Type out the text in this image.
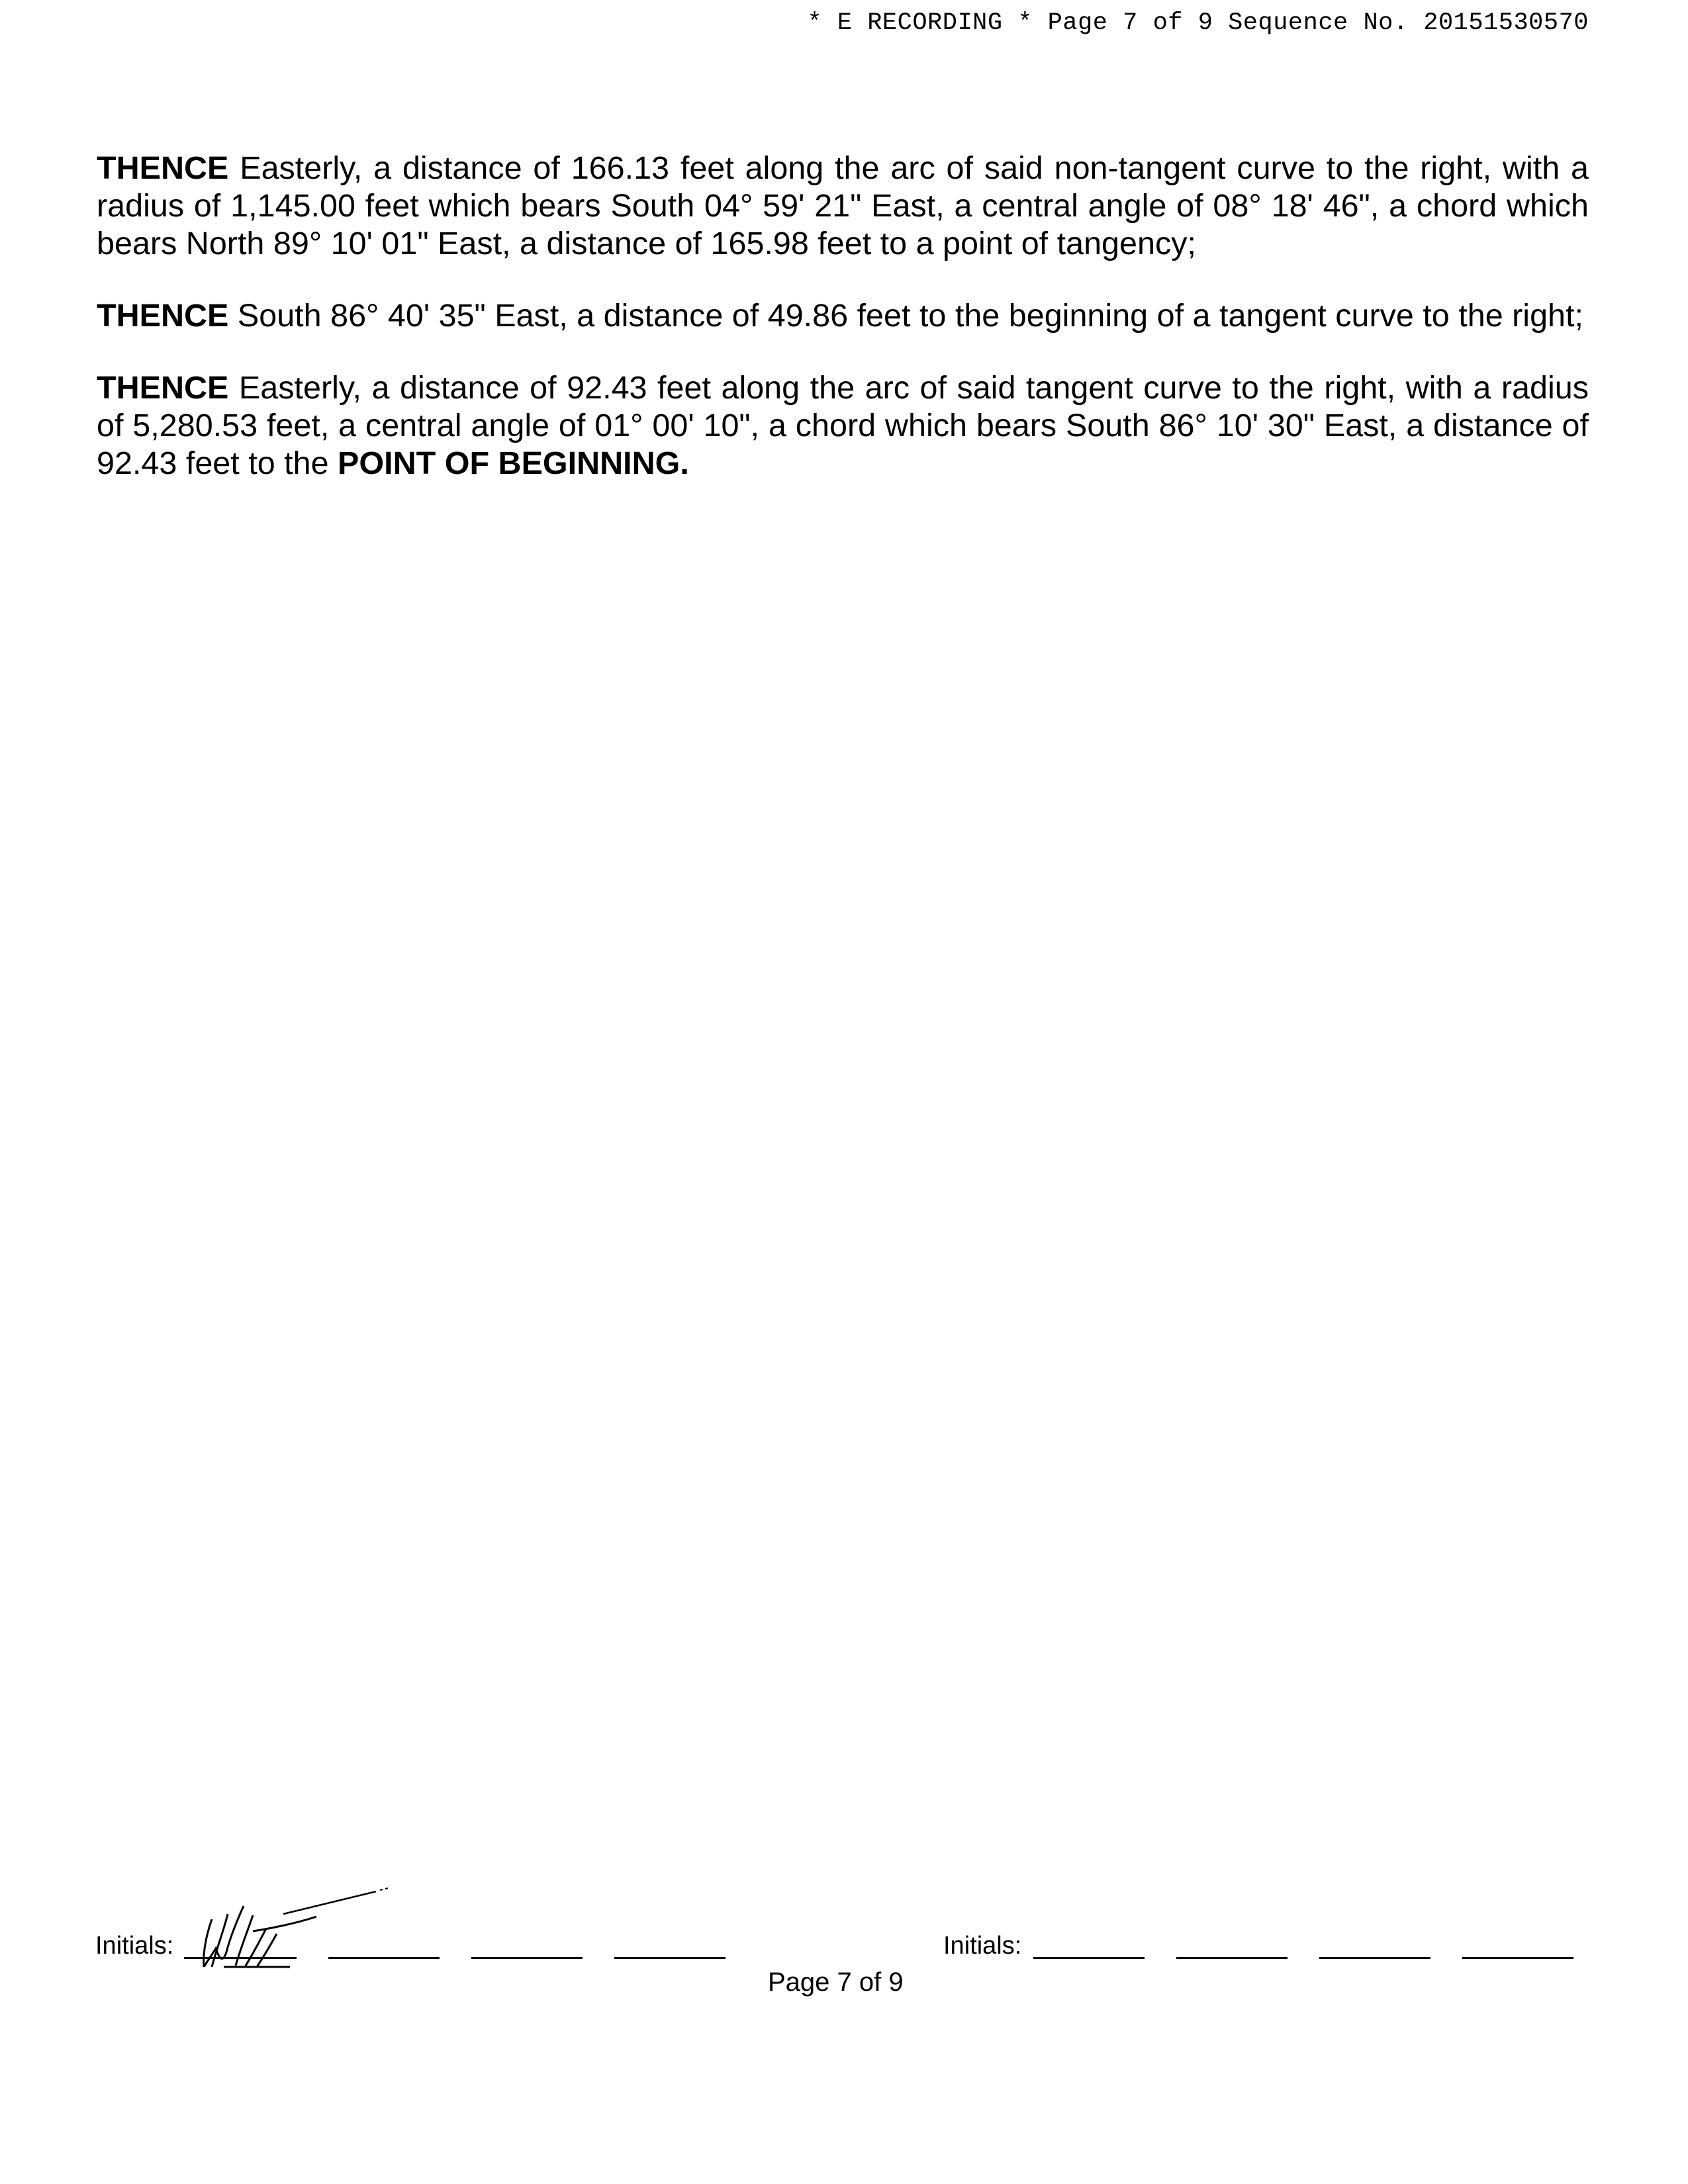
* E RECORDING * Page 7 of 9 Sequence No. 20151530570

THENCE Easterly, a distance of 166.13 feet along the arc of said non-tangent curve to the right, with a radius of 1,145.00 feet which bears South 04° 59' 21" East, a central angle of 08° 18' 46", a chord which bears North 89° 10' 01" East, a distance of 165.98 feet to a point of tangency;

THENCE South 86° 40' 35" East, a distance of 49.86 feet to the beginning of a tangent curve to the right;

THENCE Easterly, a distance of 92.43 feet along the arc of said tangent curve to the right, with a radius of 5,280.53 feet, a central angle of 01° 00' 10", a chord which bears South 86° 10' 30" East, a distance of 92.43 feet to the POINT OF BEGINNING.

Initials:	Initials:
Page 7 of 9
